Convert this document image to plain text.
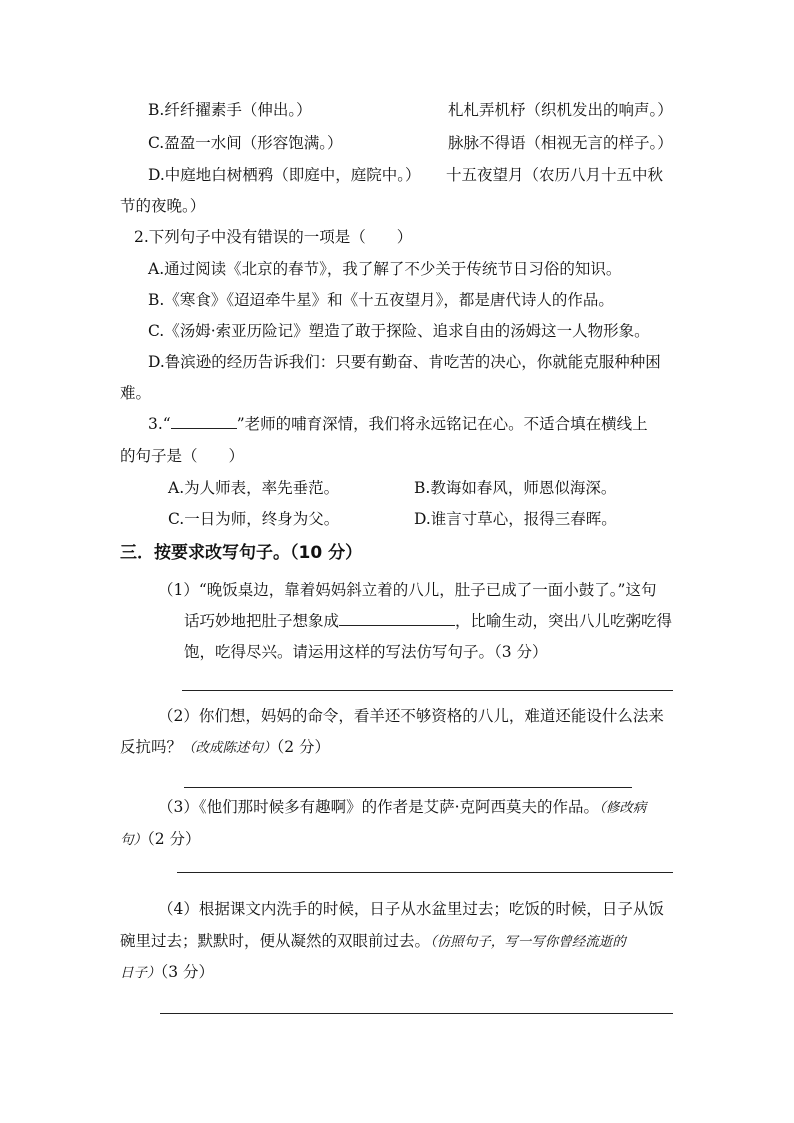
B.纤纤擢素手（伸出。）	札札弄机杼（织机发出的响声。）
C.盈盈一水间（形容饱满。）	脉脉不得语（相视无言的样子。）
D.中庭地白树栖鸦（即庭中，庭院中。） 十五夜望月（农历八月十五中秋
节的夜晚。）
2.下列句子中没有错误的一项是（　　）
A.通过阅读《北京的春节》，我了解了不少关于传统节日习俗的知识。
B.《寒食》《迢迢牵牛星》和《十五夜望月》，都是唐代诗人的作品。
C.《汤姆·索亚历险记》塑造了敢于探险、追求自由的汤姆这一人物形象。
D.鲁滨逊的经历告诉我们：只要有勤奋、肯吃苦的决心，你就能克服种种困
难。
3.“	”老师的哺育深情，我们将永远铭记在心。不适合填在横线上
的句子是（　　）
A.为人师表，率先垂范。	B.教诲如春风，师恩似海深。
C.一日为师，终身为父。	D.谁言寸草心，报得三春晖。
三．按要求改写句子。（10 分）
（1）“晚饭桌边，靠着妈妈斜立着的八儿，肚子已成了一面小鼓了。”这句
话巧妙地把肚子想象成	，比喻生动，突出八儿吃粥吃得
饱，吃得尽兴。请运用这样的写法仿写句子。（3 分）
（2）你们想，妈妈的命令，看羊还不够资格的八儿，难道还能设什么法来
反抗吗？（改成陈述句）（2 分）
（3）《他们那时候多有趣啊》的作者是艾萨·克阿西莫夫的作品。（修改病
句）（2 分）
（4）根据课文内洗手的时候，日子从水盆里过去；吃饭的时候，日子从饭
碗里过去；默默时，便从凝然的双眼前过去。（仿照句子，写一写你曾经流逝的
日子）（3 分）
